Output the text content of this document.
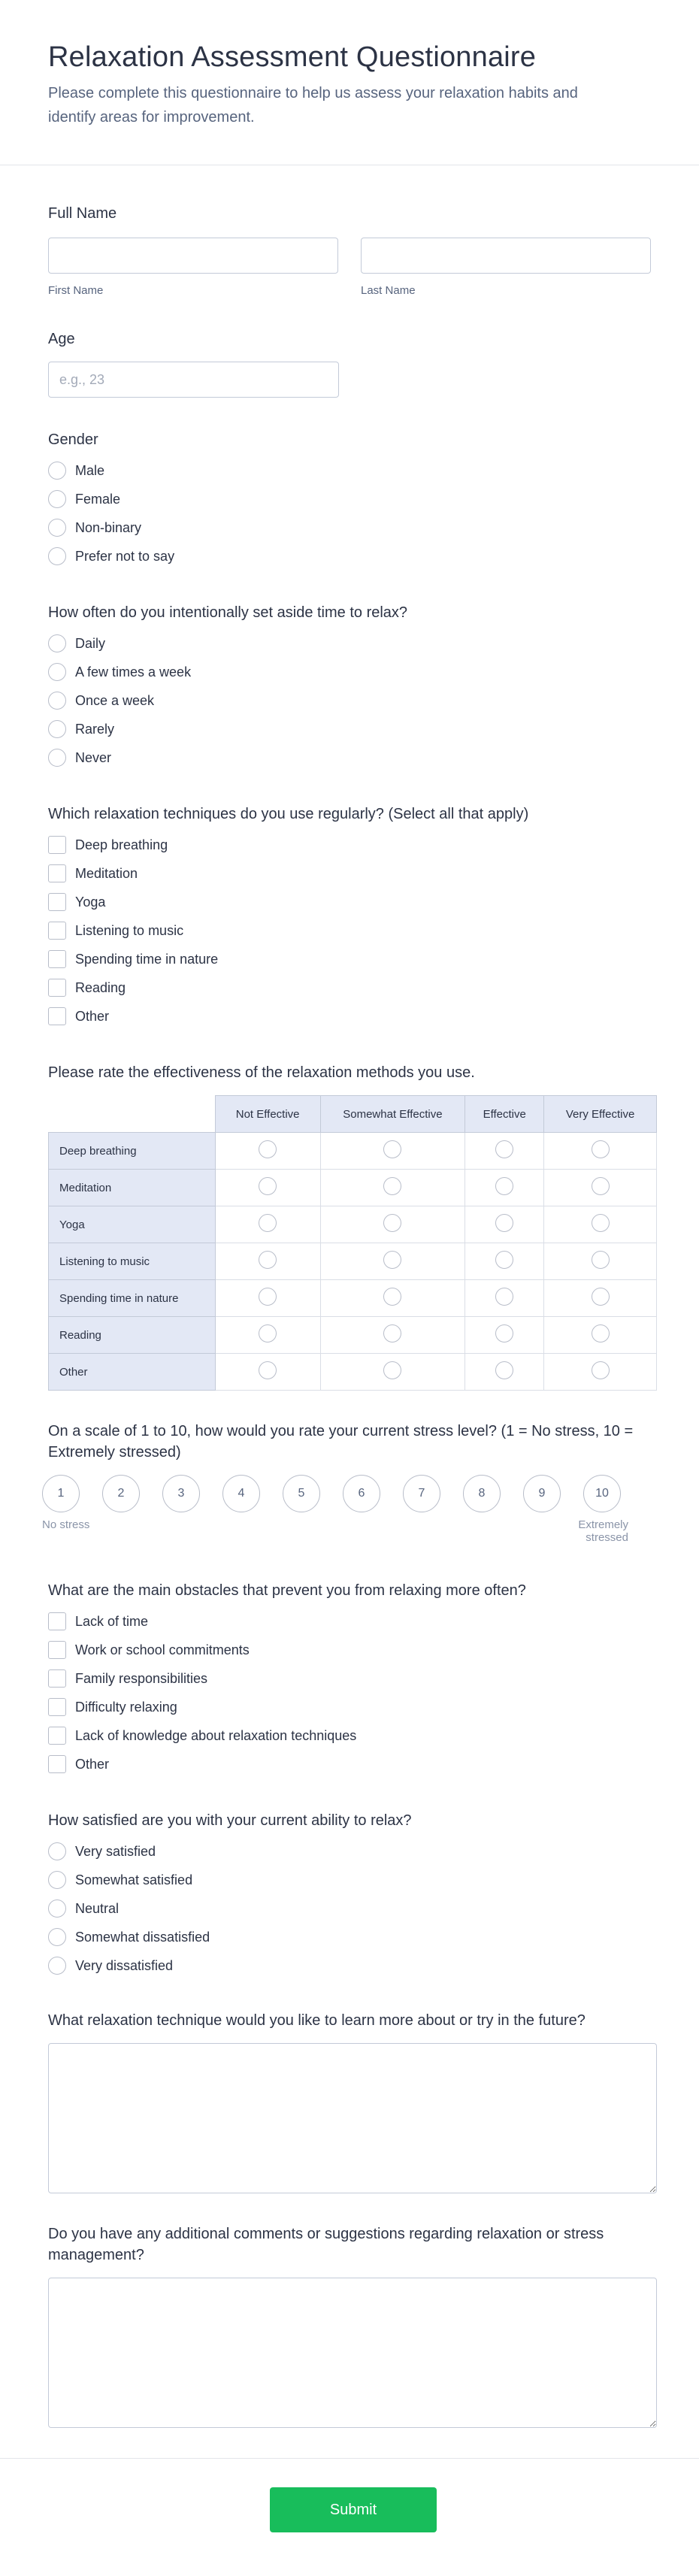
Relaxation Assessment Questionnaire

Please complete this questionnaire to help us assess your relaxation habits and identify areas for improvement.

Full Name
First Name	Last Name
Age
e.g., 23
Gender
Male
Female
Non-binary
Prefer not to say
How often do you intentionally set aside time to relax?
Daily
A few times a week
Once a week
Rarely
Never
Which relaxation techniques do you use regularly? (Select all that apply)
Deep breathing
Meditation
Yoga
Listening to music
Spending time in nature
Reading
Other
Please rate the effectiveness of the relaxation methods you use.
	Not Effective	Somewhat Effective	Effective	Very Effective
Deep breathing				
Meditation				
Yoga				
Listening to music				
Spending time in nature				
Reading				
Other				
On a scale of 1 to 10, how would you rate your current stress level? (1 = No stress, 10 = Extremely stressed)
1	2	3	4	5	6	7	8	9	10
No stress	Extremely stressed
What are the main obstacles that prevent you from relaxing more often?
Lack of time
Work or school commitments
Family responsibilities
Difficulty relaxing
Lack of knowledge about relaxation techniques
Other
How satisfied are you with your current ability to relax?
Very satisfied
Somewhat satisfied
Neutral
Somewhat dissatisfied
Very dissatisfied
What relaxation technique would you like to learn more about or try in the future?
Do you have any additional comments or suggestions regarding relaxation or stress management?
Submit
